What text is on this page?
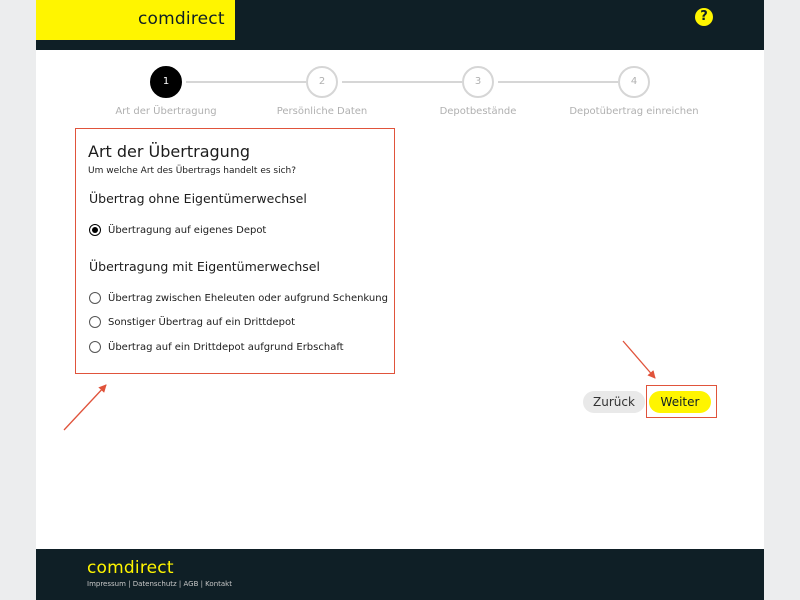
comdirect	?
1	2	3	4
Art der Übertragung	Persönliche Daten	Depotbestände	Depotübertrag einreichen
Art der Übertragung
Um welche Art des Übertrags handelt es sich?
Übertrag ohne Eigentümerwechsel
Übertragung auf eigenes Depot
Übertragung mit Eigentümerwechsel
Übertrag zwischen Eheleuten oder aufgrund Schenkung
Sonstiger Übertrag auf ein Drittdepot
Übertrag auf ein Drittdepot aufgrund Erbschaft
Zurück	Weiter
comdirect
Impressum | Datenschutz | AGB | Kontakt
